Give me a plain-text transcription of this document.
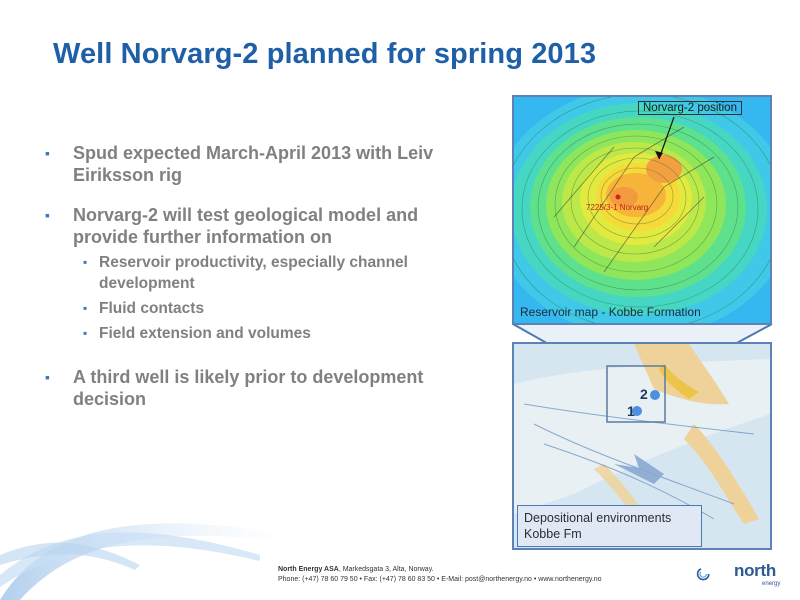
Well Norvarg-2 planned for spring 2013
▪ Spud expected March-April 2013 with Leiv Eiriksson rig
▪ Norvarg-2 will test geological model and provide further information on
▪ Reservoir productivity, especially channel development
▪ Fluid contacts
▪ Field extension and volumes
▪ A third well is likely prior to development decision
Norvarg-2 position
7225/3-1 Norvarg
Reservoir map - Kobbe Formation
2
1
Depositional environments
Kobbe Fm
North Energy ASA, Markedsgata 3, Alta, Norway.
Phone: (+47) 78 60 79 50 • Fax: (+47) 78 60 83 50 • E-Mail: post@northenergy.no • www.northenergy.no	north
energy
